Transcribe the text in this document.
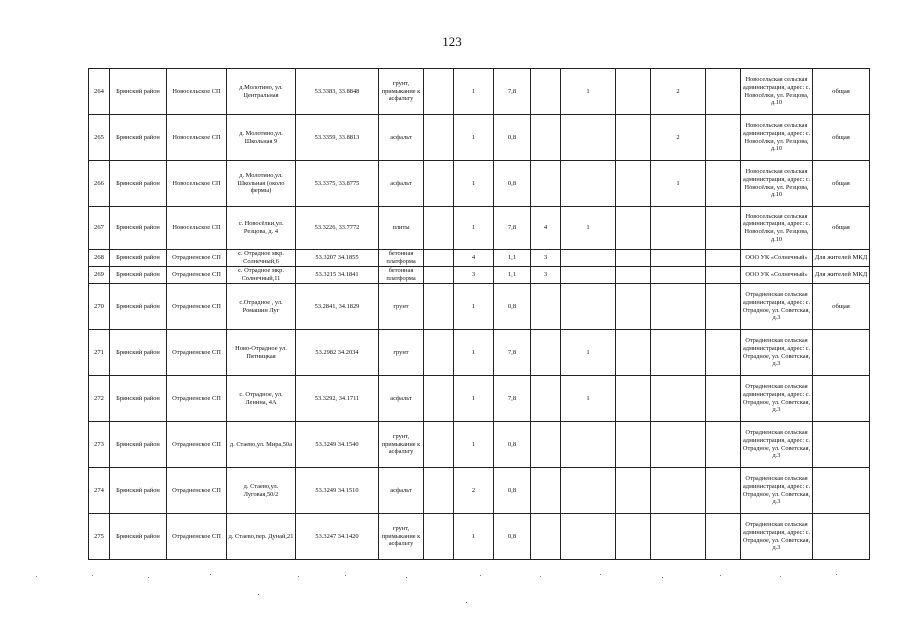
123
264	Брянский район	Новосельское СП	д.Молотино, ул. Центральная	53.3383, 33.8848	грунт, примыкание к асфальту		1	7,8		1		2		Новосельская сельская администрация, адрес: с. Новосёлки, ул. Резцова, д.10	общая
265	Брянский район	Новосельское СП	д. Молотино,ул. Школьная 9	53.3359, 33.8813	асфальт		1	0,8				2		Новосельская сельская администрация, адрес: с. Новосёлки, ул. Резцова, д.10	общая
266	Брянский район	Новосельское СП	д. Молотино,ул. Школьная (около фермы)	53.3375, 33.8775	асфальт		1	0,8				1		Новосельская сельская администрация, адрес: с. Новосёлки, ул. Резцова, д.10	общая
267	Брянский район	Новосельское СП	с. Новосёлки,ул. Резцова, д. 4	53.3226, 33.7772	плиты		1	7,8	4	1				Новосельская сельская администрация, адрес: с. Новосёлки, ул. Резцова, д.10	общая
268	Брянский район	Отрадненское СП	с. Отрадное мкр. Солнечный,6	53.3207 34.1855	бетонная платформа		4	1,1	3					ООО УК «Солнечный»	Для жителей МКД
269	Брянский район	Отрадненское СП	с. Отрадное мкр. Солнечный,11	53.3215 34.1841	бетонная платформа		3	1,1	3					ООО УК «Солнечный»	Для жителей МКД
270	Брянский район	Отрадненское СП	с.Отрадное , ул. Ромашин Луг	53.2841, 34.1829	грунт		1	0,8						Отрадненская сельская администрация, адрес: с. Отрадное, ул. Советская, д.3	общая
271	Брянский район	Отрадненское СП	Ново-Отрадное ул. Пятницкая	53.2982 34.2034	грунт		1	7,8		1				Отрадненская сельская администрация, адрес: с. Отрадное, ул. Советская, д.3	
272	Брянский район	Отрадненское СП	с. Отрадное, ул. Ленина, 4А	53.3292, 34.1711	асфальт		1	7,8		1				Отрадненская сельская администрация, адрес: с. Отрадное, ул. Советская, д.3	
273	Брянский район	Отрадненское СП	д. Стаево,ул. Мира,50а	53.3249 34.1540	грунт, примыкание к асфальту		1	0,8						Отрадненская сельская администрация, адрес: с. Отрадное, ул. Советская, д.3	
274	Брянский район	Отрадненское СП	д. Стаево,ул. Луговая,50/2	53.3249 34.1510	асфальт		2	0,8						Отрадненская сельская администрация, адрес: с. Отрадное, ул. Советская, д.3	
275	Брянский район	Отрадненское СП	д. Стаево,пер. Дунай,21	53.3247 34.1420	грунт, примыкание к асфальту		1	0,8						Отрадненская сельская администрация, адрес: с. Отрадное, ул. Советская, д.3	
